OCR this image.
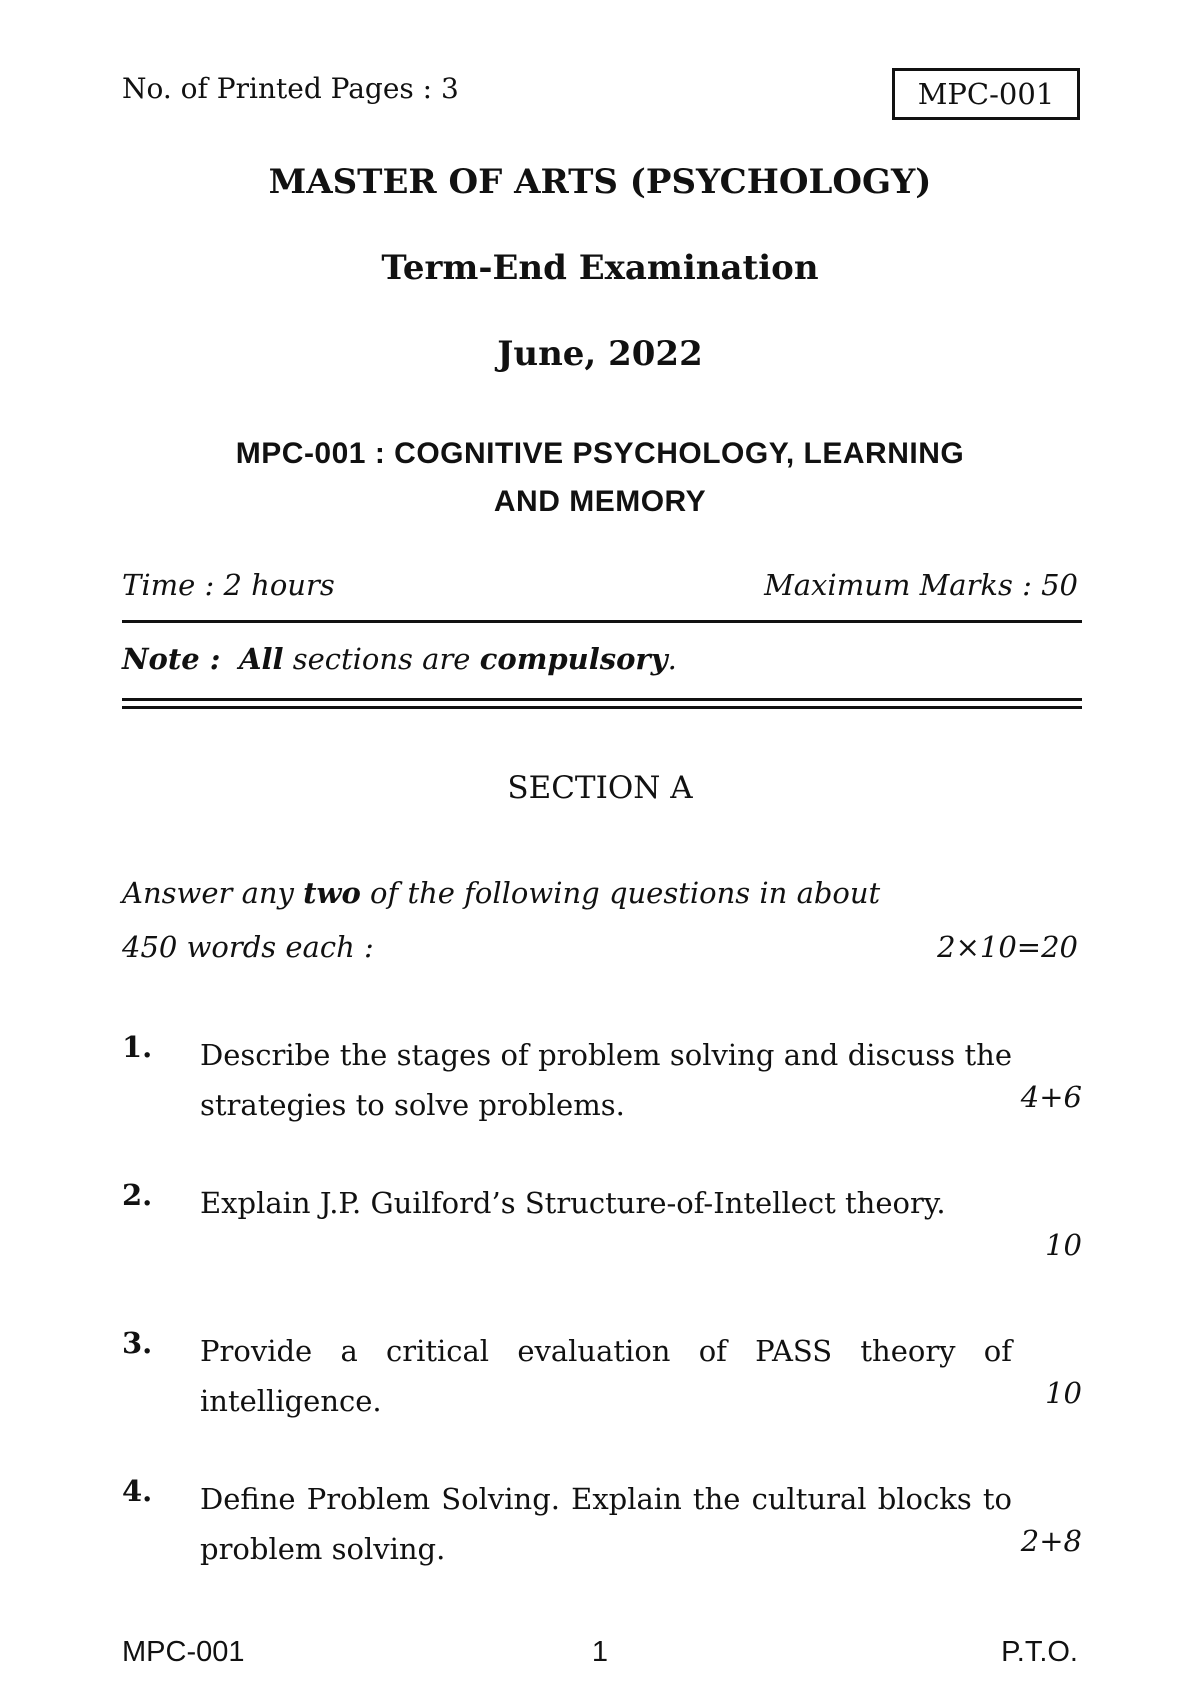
No. of Printed Pages : 3	MPC-001
MASTER OF ARTS (PSYCHOLOGY)
Term-End Examination
June, 2022
MPC-001 : COGNITIVE PSYCHOLOGY, LEARNING
AND MEMORY
Time : 2 hours	Maximum Marks : 50
Note : All sections are compulsory.
SECTION A
Answer any two of the following questions in about
450 words each :	2×10=20
1. Describe the stages of problem solving and discuss the strategies to solve problems.	4+6
2. Explain J.P. Guilford’s Structure-of-Intellect theory.
10
3. Provide a critical evaluation of PASS theory of intelligence.	10
4. Define Problem Solving. Explain the cultural blocks to problem solving.	2+8
MPC-001	1	P.T.O.
